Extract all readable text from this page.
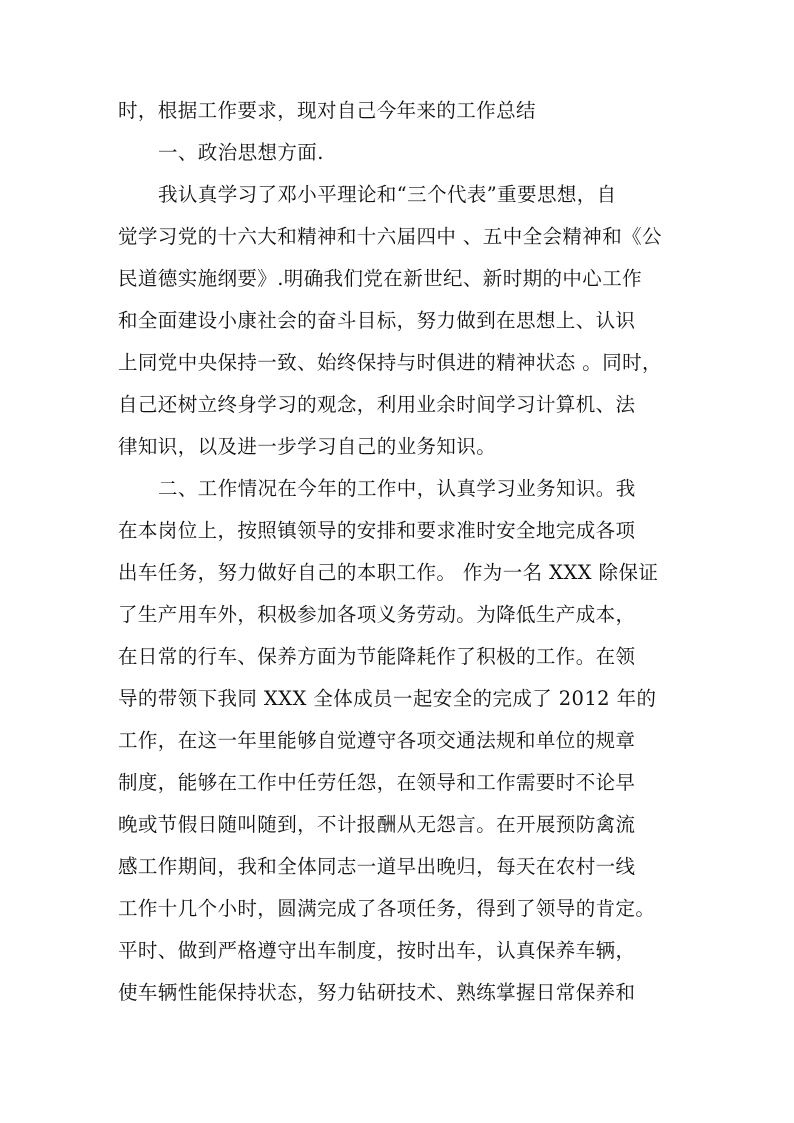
时，根据工作要求，现对自己今年来的工作总结
一、政治思想方面.
我认真学习了邓小平理论和“三个代表”重要思想，自
觉学习党的十六大和精神和十六届四中 、五中全会精神和《公
民道德实施纲要》.明确我们党在新世纪、新时期的中心工作
和全面建设小康社会的奋斗目标，努力做到在思想上、认识
上同党中央保持一致、始终保持与时俱进的精神状态 。同时，
自己还树立终身学习的观念，利用业余时间学习计算机、法
律知识，以及进一步学习自己的业务知识。
二、工作情况在今年的工作中，认真学习业务知识。我
在本岗位上，按照镇领导的安排和要求准时安全地完成各项
出车任务，努力做好自己的本职工作。 作为一名 XXX 除保证
了生产用车外，积极参加各项义务劳动。为降低生产成本，
在日常的行车、保养方面为节能降耗作了积极的工作。在领
导的带领下我同 XXX 全体成员一起安全的完成了 2012 年的
工作，在这一年里能够自觉遵守各项交通法规和单位的规章
制度，能够在工作中任劳任怨，在领导和工作需要时不论早
晚或节假日随叫随到，不计报酬从无怨言。在开展预防禽流
感工作期间，我和全体同志一道早出晚归，每天在农村一线
工作十几个小时，圆满完成了各项任务，得到了领导的肯定。
平时、做到严格遵守出车制度，按时出车，认真保养车辆，
使车辆性能保持状态，努力钻研技术、熟练掌握日常保养和
